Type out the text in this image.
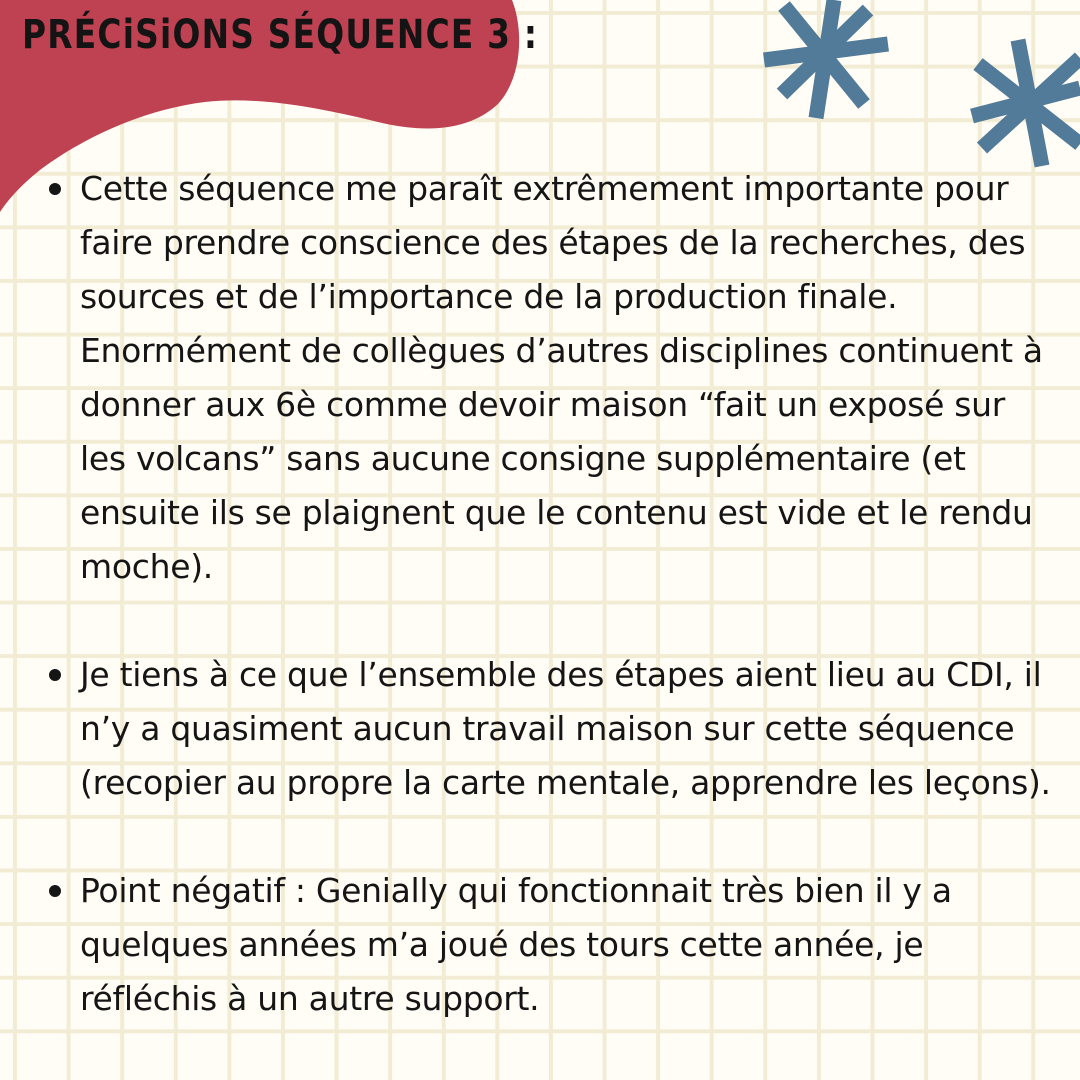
PRÉCiSiONS SÉQUENCE 3 :
Cette séquence me paraît extrêmement importante pour faire prendre conscience des étapes de la recherches, des sources et de l’importance de la production finale. Enormément de collègues d’autres disciplines continuent à donner aux 6è comme devoir maison “fait un exposé sur les volcans” sans aucune consigne supplémentaire (et ensuite ils se plaignent que le contenu est vide et le rendu moche).
Je tiens à ce que l’ensemble des étapes aient lieu au CDI, il n’y a quasiment aucun travail maison sur cette séquence (recopier au propre la carte mentale, apprendre les leçons).
Point négatif : Genially qui fonctionnait très bien il y a quelques années m’a joué des tours cette année, je réfléchis à un autre support.
